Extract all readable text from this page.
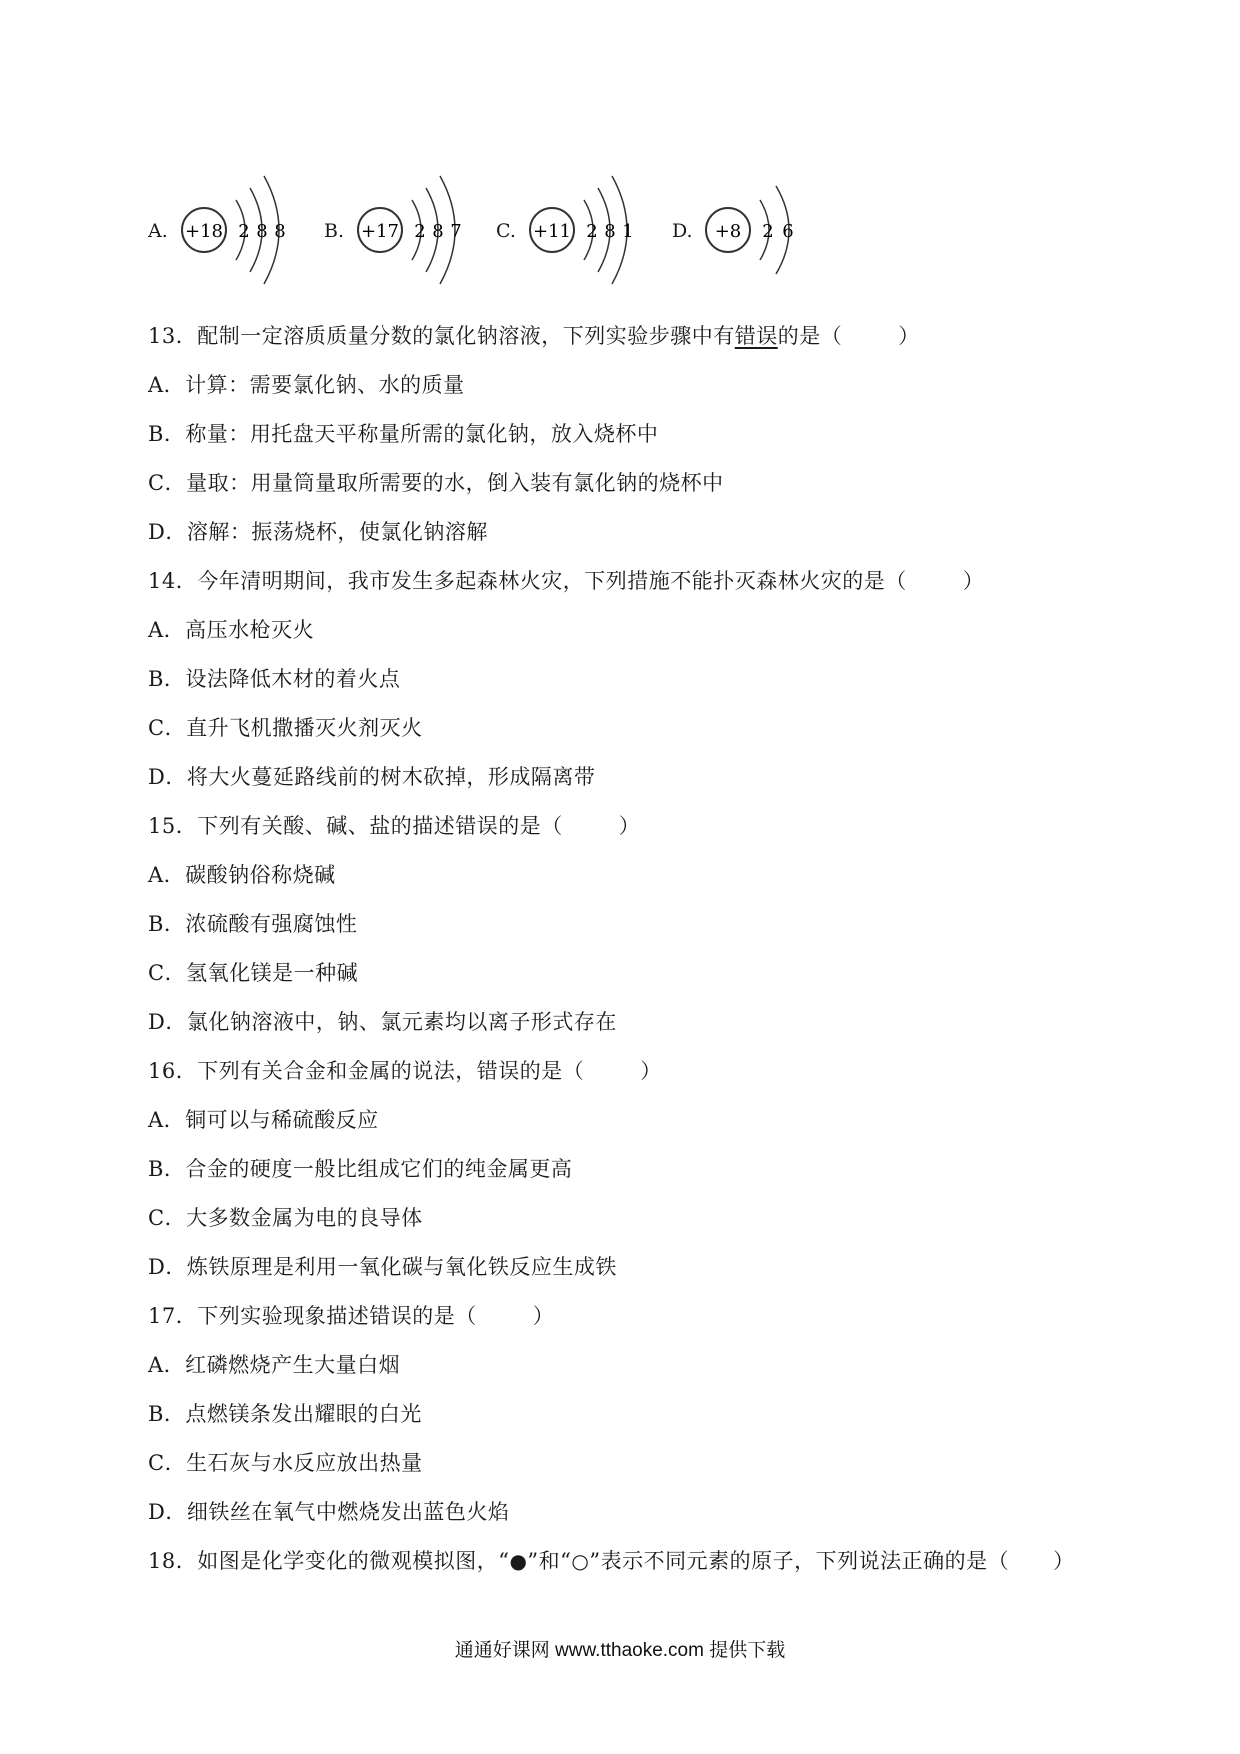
A. +18 2 8 8 B. +17 2 8 7 C. +11 2 8 1 D. +8 2 6
13．配制一定溶质质量分数的氯化钠溶液，下列实验步骤中有错误的是（	）
A．计算：需要氯化钠、水的质量
B．称量：用托盘天平称量所需的氯化钠，放入烧杯中
C．量取：用量筒量取所需要的水，倒入装有氯化钠的烧杯中
D．溶解：振荡烧杯，使氯化钠溶解
14．今年清明期间，我市发生多起森林火灾，下列措施不能扑灭森林火灾的是（	）
A．高压水枪灭火
B．设法降低木材的着火点
C．直升飞机撒播灭火剂灭火
D．将大火蔓延路线前的树木砍掉，形成隔离带
15．下列有关酸、碱、盐的描述错误的是（	）
A．碳酸钠俗称烧碱
B．浓硫酸有强腐蚀性
C．氢氧化镁是一种碱
D．氯化钠溶液中，钠、氯元素均以离子形式存在
16．下列有关合金和金属的说法，错误的是（	）
A．铜可以与稀硫酸反应
B．合金的硬度一般比组成它们的纯金属更高
C．大多数金属为电的良导体
D．炼铁原理是利用一氧化碳与氧化铁反应生成铁
17．下列实验现象描述错误的是（	）
A．红磷燃烧产生大量白烟
B．点燃镁条发出耀眼的白光
C．生石灰与水反应放出热量
D．细铁丝在氧气中燃烧发出蓝色火焰
18．如图是化学变化的微观模拟图，“●”和“○”表示不同元素的原子，下列说法正确的是（ ）
通通好课网 www.tthaoke.com 提供下载
